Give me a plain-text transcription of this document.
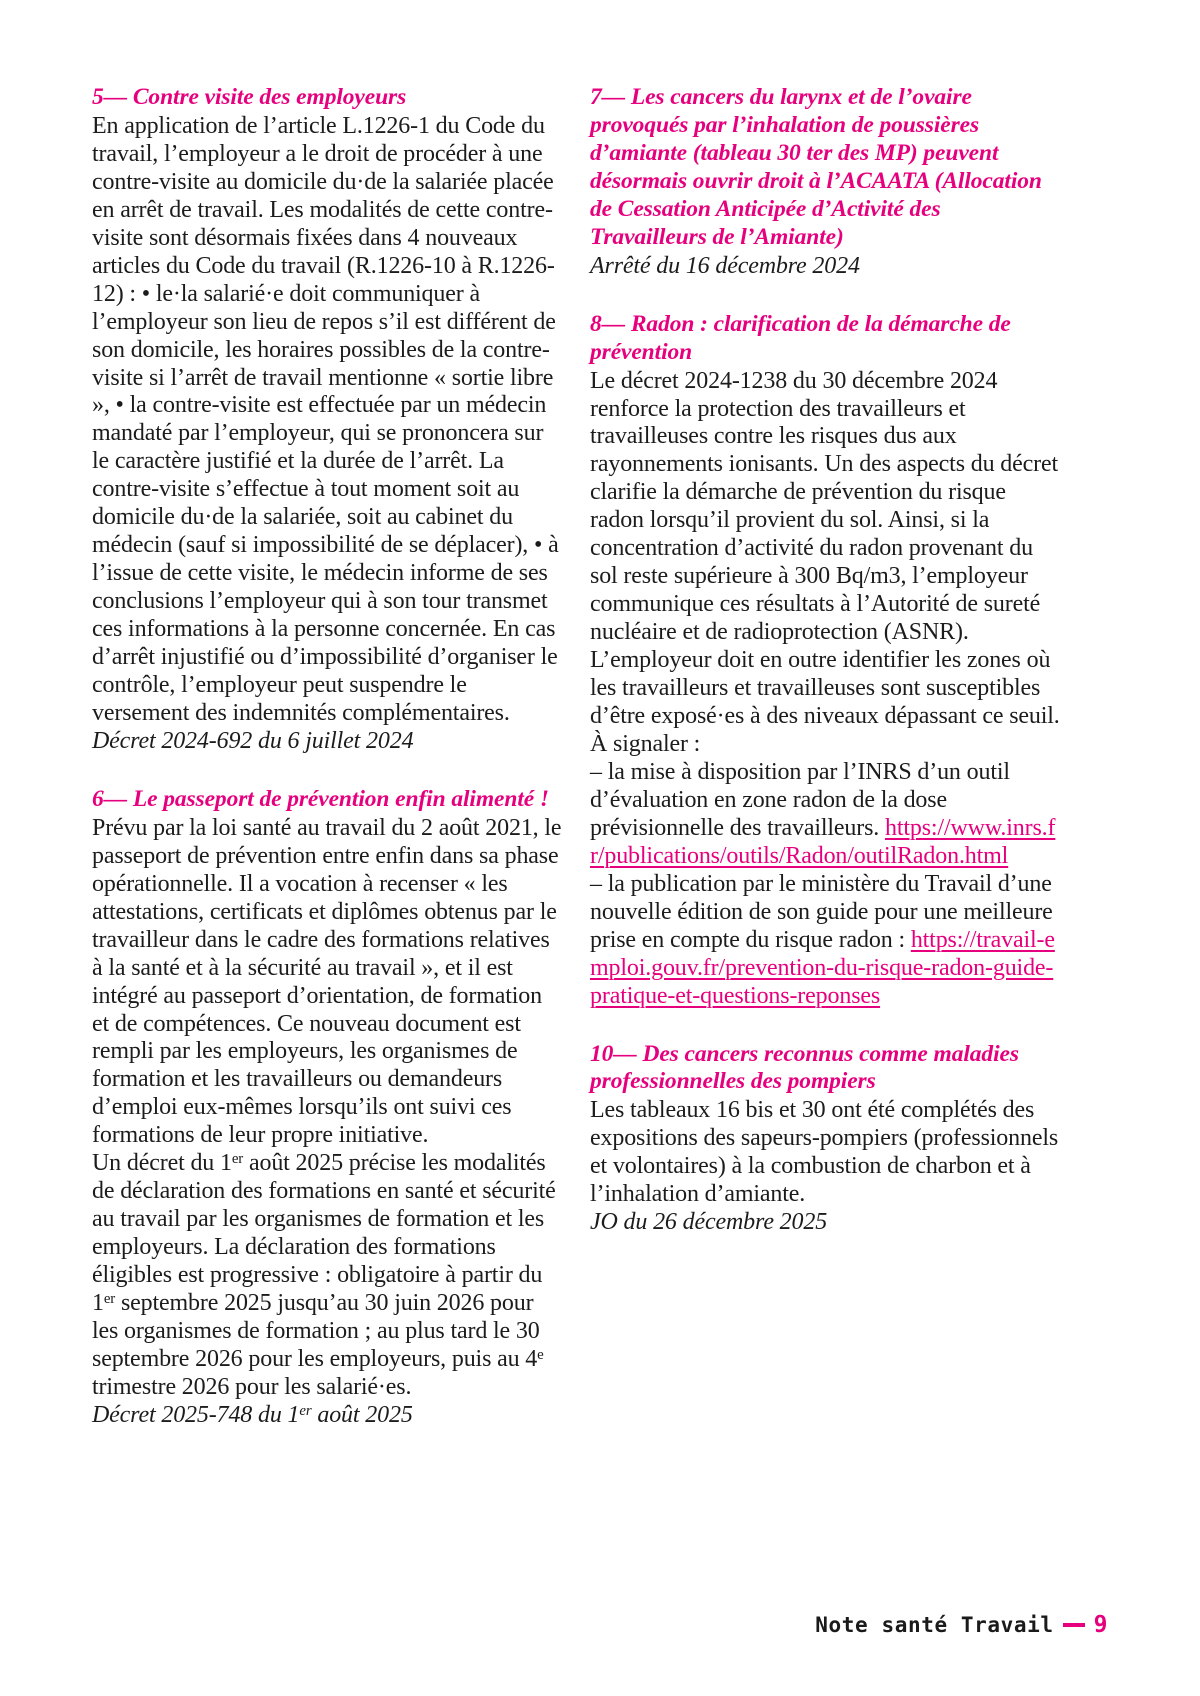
5— Contre visite des employeurs

En application de l’article L.1226-1 du Code du travail, l’employeur a le droit de procéder à une contre-visite au domicile du·de la salariée placée en arrêt de travail. Les modalités de cette contre-visite sont désormais fixées dans 4 nouveaux articles du Code du travail (R.1226-10 à R.1226-12) : • le·la salarié·e doit communiquer à l’employeur son lieu de repos s’il est différent de son domicile, les horaires possibles de la contre-visite si l’arrêt de travail mentionne « sortie libre », • la contre-visite est effectuée par un médecin mandaté par l’employeur, qui se prononcera sur le caractère justifié et la durée de l’arrêt. La contre-visite s’effectue à tout moment soit au domicile du·de la salariée, soit au cabinet du médecin (sauf si impossibilité de se déplacer), • à l’issue de cette visite, le médecin informe de ses conclusions l’employeur qui à son tour transmet ces informations à la personne concernée. En cas d’arrêt injustifié ou d’impossibilité d’organiser le contrôle, l’employeur peut suspendre le versement des indemnités complémentaires.

Décret 2024-692 du 6 juillet 2024

6— Le passeport de prévention enfin alimenté !

Prévu par la loi santé au travail du 2 août 2021, le passeport de prévention entre enfin dans sa phase opérationnelle. Il a vocation à recenser « les attestations, certificats et diplômes obtenus par le travailleur dans le cadre des formations relatives à la santé et à la sécurité au travail », et il est intégré au passeport d’orientation, de formation et de compétences. Ce nouveau document est rempli par les employeurs, les organismes de formation et les travailleurs ou demandeurs d’emploi eux-mêmes lorsqu’ils ont suivi ces formations de leur propre initiative.

Un décret du 1er août 2025 précise les modalités de déclaration des formations en santé et sécurité au travail par les organismes de formation et les employeurs. La déclaration des formations éligibles est progressive : obligatoire à partir du 1er septembre 2025 jusqu’au 30 juin 2026 pour les organismes de formation ; au plus tard le 30 septembre 2026 pour les employeurs, puis au 4e trimestre 2026 pour les salarié·es.

Décret 2025-748 du 1er août 2025

7— Les cancers du larynx et de l’ovaire provoqués par l’inhalation de poussières d’amiante (tableau 30 ter des MP) peuvent désormais ouvrir droit à l’ACAATA (Allocation de Cessation Anticipée d’Activité des Travailleurs de l’Amiante)

Arrêté du 16 décembre 2024

8— Radon : clarification de la démarche de prévention

Le décret 2024-1238 du 30 décembre 2024 renforce la protection des travailleurs et travailleuses contre les risques dus aux rayonnements ionisants. Un des aspects du décret clarifie la démarche de prévention du risque radon lorsqu’il provient du sol. Ainsi, si la concentration d’activité du radon provenant du sol reste supérieure à 300 Bq/m3, l’employeur communique ces résultats à l’Autorité de sureté nucléaire et de radioprotection (ASNR). L’employeur doit en outre identifier les zones où les travailleurs et travailleuses sont susceptibles d’être exposé·es à des niveaux dépassant ce seuil. À signaler :

– la mise à disposition par l’INRS d’un outil d’évaluation en zone radon de la dose prévisionnelle des travailleurs. https://www.inrs.fr/publications/outils/Radon/outilRadon.html

– la publication par le ministère du Travail d’une nouvelle édition de son guide pour une meilleure prise en compte du risque radon : https://travail-emploi.gouv.fr/prevention-du-risque-radon-guide-pratique-et-questions-reponses

10— Des cancers reconnus comme maladies professionnelles des pompiers

Les tableaux 16 bis et 30 ont été complétés des expositions des sapeurs-pompiers (professionnels et volontaires) à la combustion de charbon et à l’inhalation d’amiante.

JO du 26 décembre 2025

Note santé Travail 9
